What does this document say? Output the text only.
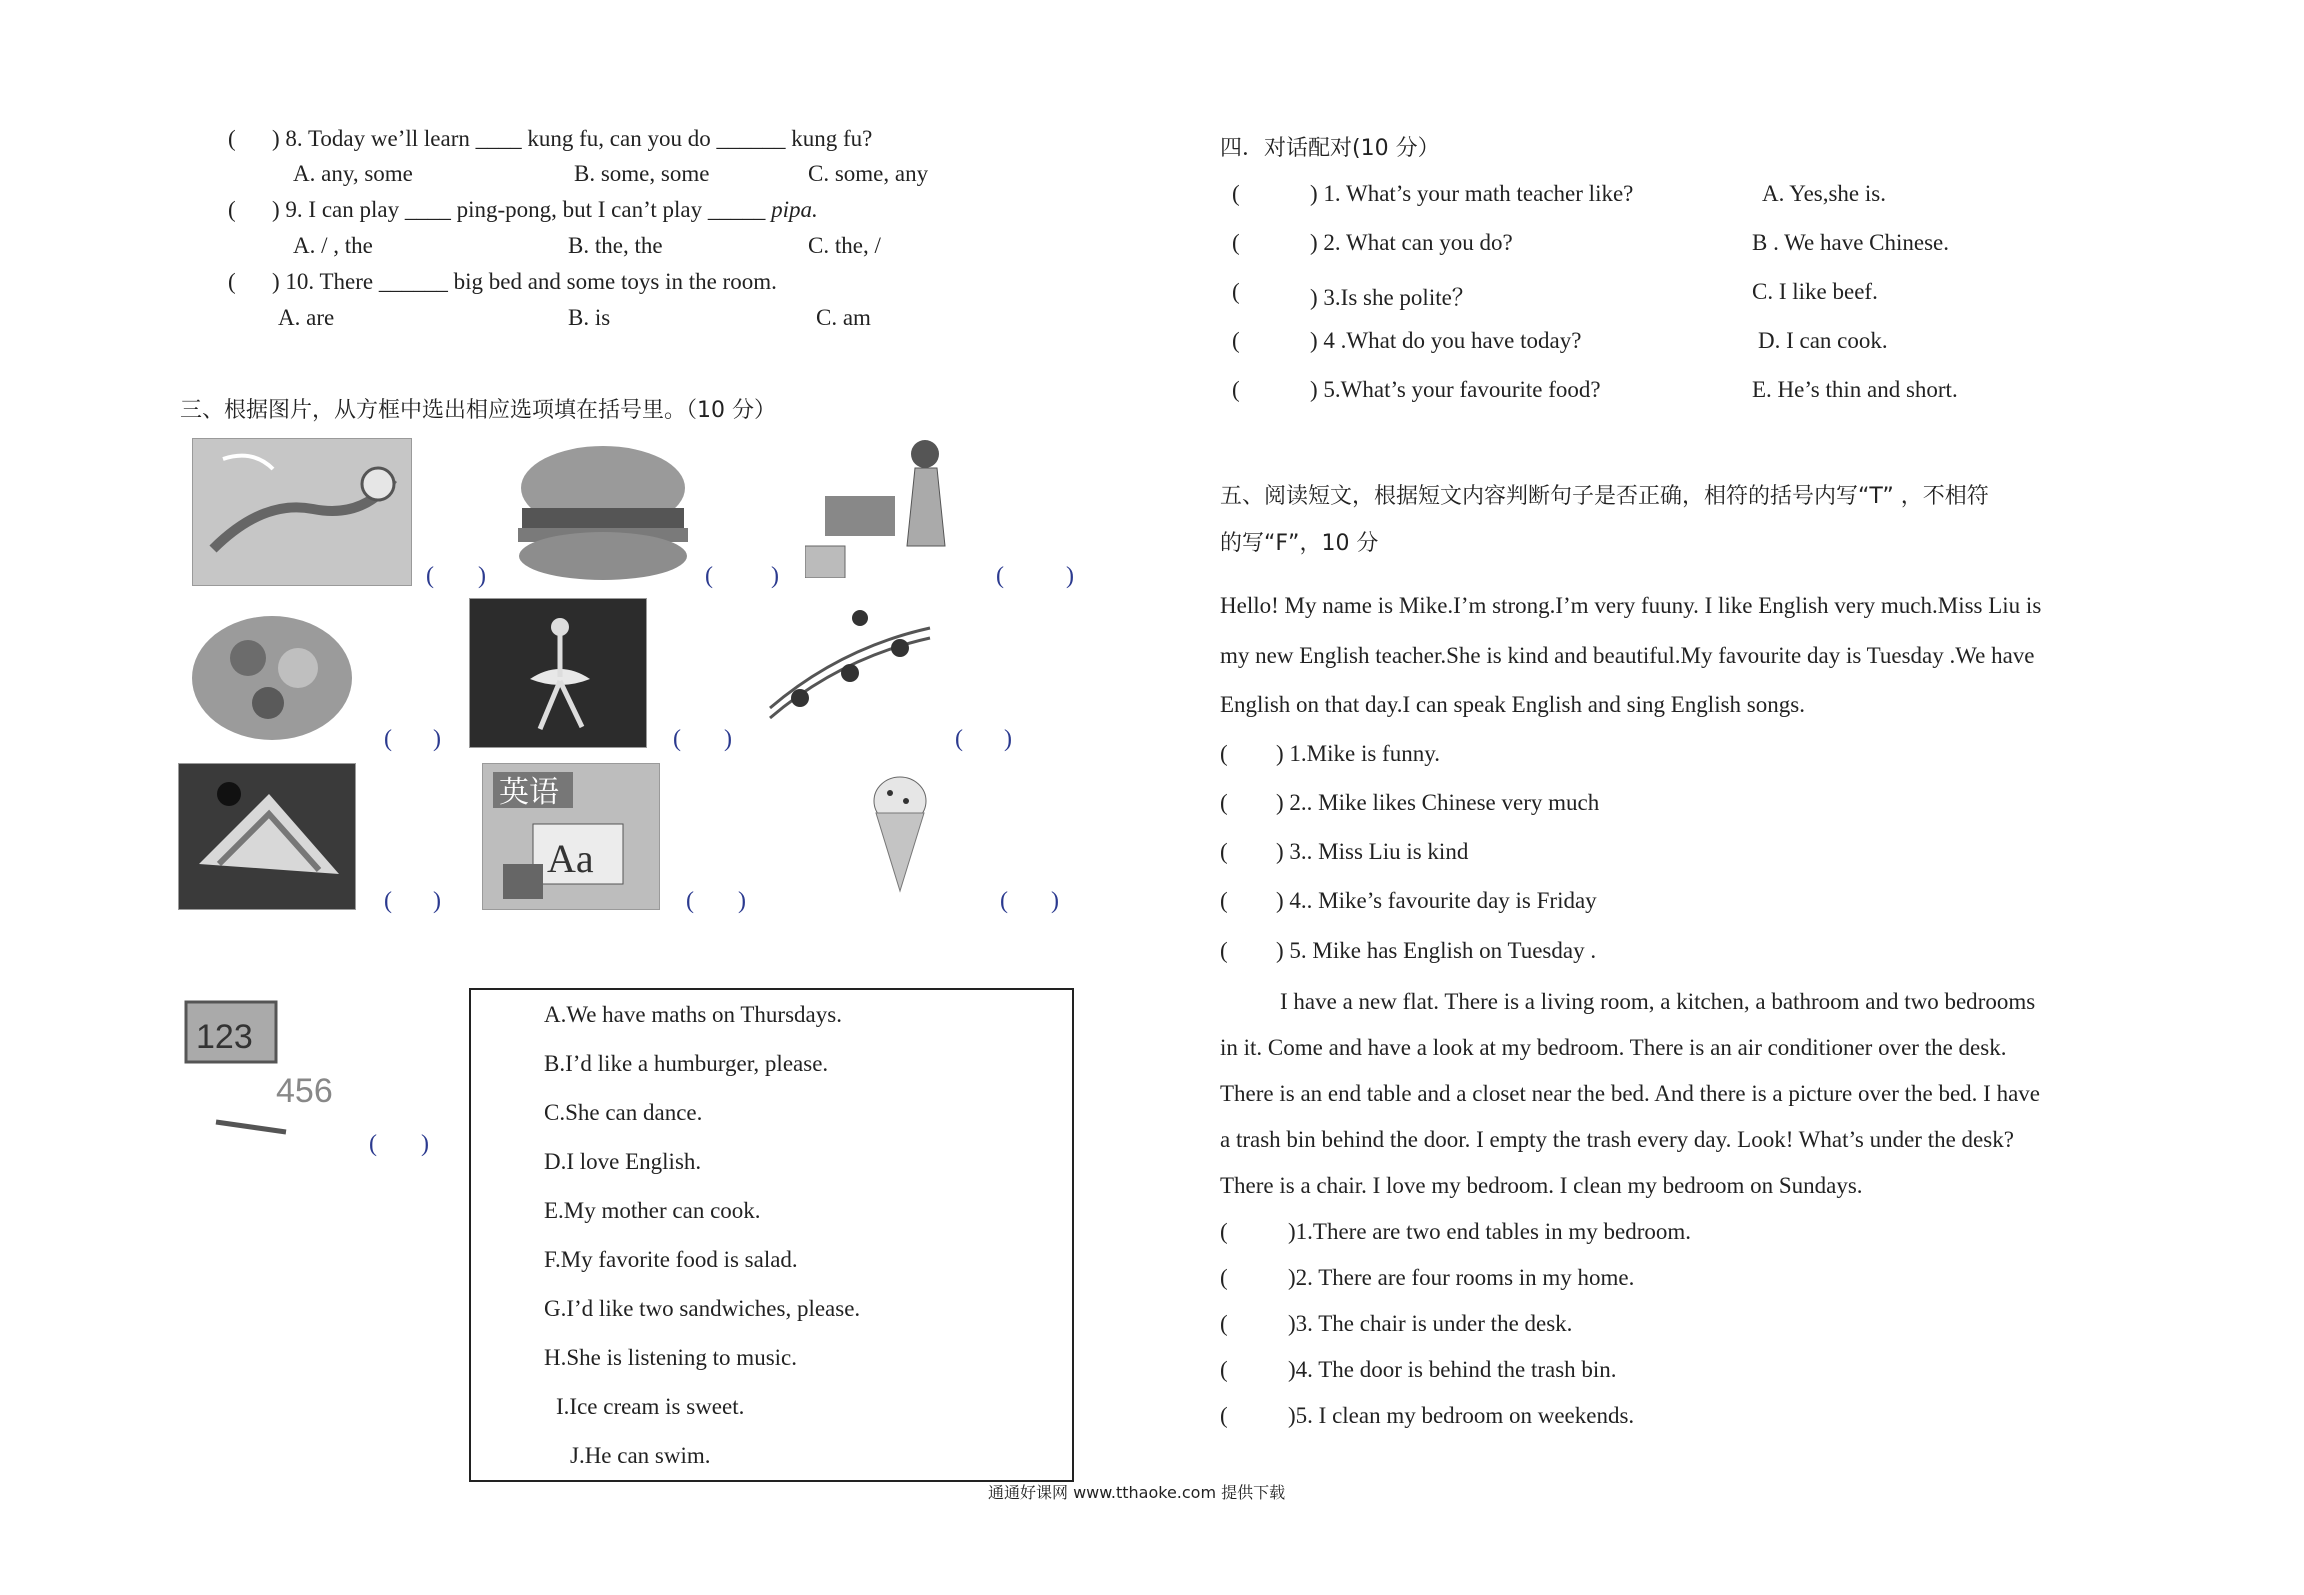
( ) 8. Today we’ll learn ____ kung fu, can you do ______ kung fu?
A. any, some	B. some, some	C. some, any
( ) 9. I can play ____ ping-pong, but I can’t play _____ pipa.
A. / , the	B. the, the	C. the, /
( ) 10. There ______ big bed and some toys in the room.
A. are	B. is	C. am
三、根据图片，从方框中选出相应选项填在括号里。（10 分）
( )	( )	(	)
( )	( )	( )
英语
Aa
( )	( )	( )
123
456
( )
A.We have maths on Thursdays.
B.I’d like a humburger, please.
C.She can dance.
D.I love English.
E.My mother can cook.
F.My favorite food is salad.
G.I’d like two sandwiches, please.
H.She is listening to music.
I.Ice cream is sweet.
J.He can swim.
四．对话配对(10 分）
(	) 1. What’s your math teacher like?	A. Yes,she is.
(	) 2. What can you do?	B . We have Chinese.
(	) 3.Is she polite？	C. I like beef.
(	) 4 .What do you have today?	D. I can cook.
(	) 5.What’s your favourite food?	E. He’s thin and short.
五、阅读短文，根据短文内容判断句子是否正确，相符的括号内写“T” ，不相符
的写“F”，10 分
Hello! My name is Mike.I’m strong.I’m very fuuny. I like English very much.Miss Liu is
my new English teacher.She is kind and beautiful.My favourite day is Tuesday .We have
English on that day.I can speak English and sing English songs.
( ) 1.Mike is funny.
( ) 2.. Mike likes Chinese very much
( ) 3.. Miss Liu is kind
( ) 4.. Mike’s favourite day is Friday
( ) 5. Mike has English on Tuesday .
I have a new flat. There is a living room, a kitchen, a bathroom and two bedrooms
in it. Come and have a look at my bedroom. There is an air conditioner over the desk.
There is an end table and a closet near the bed. And there is a picture over the bed. I have
a trash bin behind the door. I empty the trash every day. Look! What’s under the desk?
There is a chair. I love my bedroom. I clean my bedroom on Sundays.
(	)1.There are two end tables in my bedroom.
(	)2. There are four rooms in my home.
(	)3. The chair is under the desk.
(	)4. The door is behind the trash bin.
(	)5. I clean my bedroom on weekends.
通通好课网 www.tthaoke.com 提供下载
